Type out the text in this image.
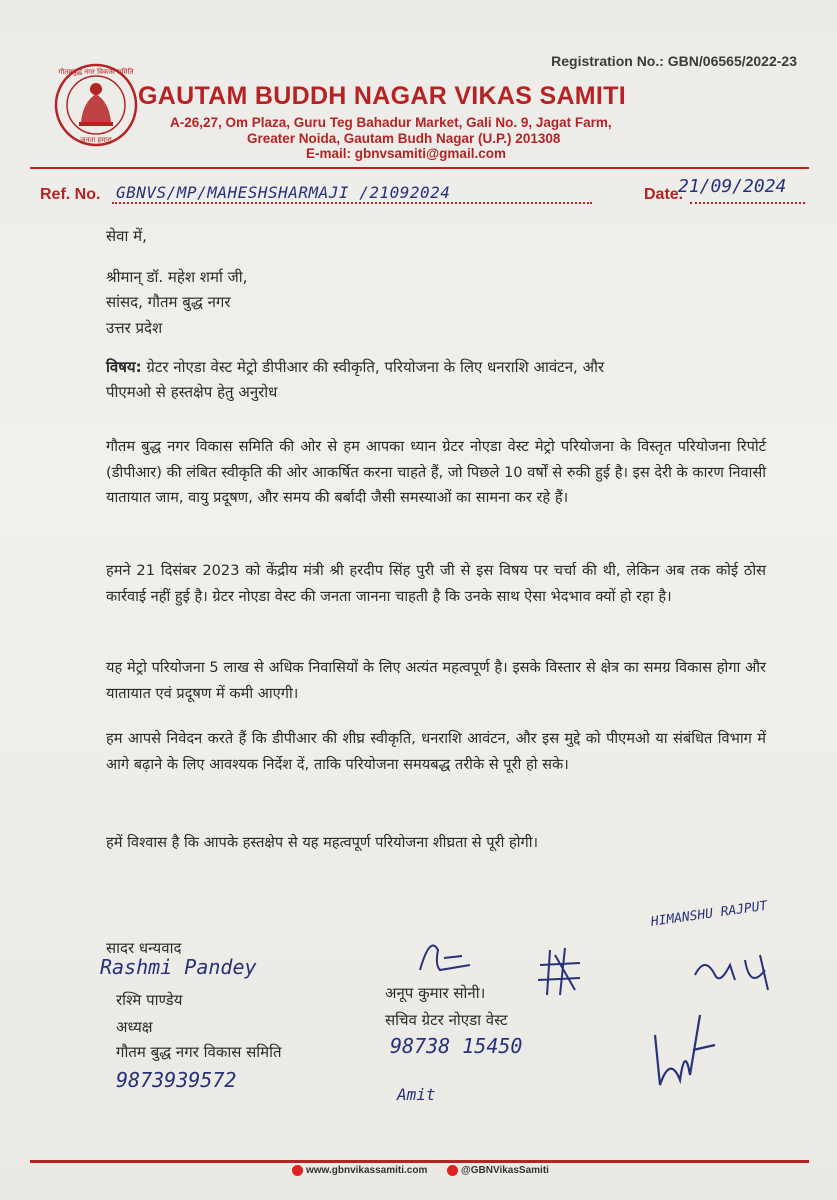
Registration No.: GBN/06565/2022-23
गौतमबुद्ध नगर विकास समिति
जनता हमारा
GAUTAM BUDDH NAGAR VIKAS SAMITI
A-26,27, Om Plaza, Guru Teg Bahadur Market, Gali No. 9, Jagat Farm,
Greater Noida, Gautam Budh Nagar (U.P.) 201308
E-mail: gbnvsamiti@gmail.com
Ref. No. GBNVS/MP/MAHESHSHARMAJI /21092024	Date.
21/09/2024
सेवा में,
श्रीमान् डॉ. महेश शर्मा जी,
सांसद, गौतम बुद्ध नगर
उत्तर प्रदेश
विषय: ग्रेटर नोएडा वेस्ट मेट्रो डीपीआर की स्वीकृति, परियोजना के लिए धनराशि आवंटन, और
पीएमओ से हस्तक्षेप हेतु अनुरोध
गौतम बुद्ध नगर विकास समिति की ओर से हम आपका ध्यान ग्रेटर नोएडा वेस्ट मेट्रो परियोजना के विस्तृत परियोजना रिपोर्ट (डीपीआर) की लंबित स्वीकृति की ओर आकर्षित करना चाहते हैं, जो पिछले 10 वर्षों से रुकी हुई है। इस देरी के कारण निवासी यातायात जाम, वायु प्रदूषण, और समय की बर्बादी जैसी समस्याओं का सामना कर रहे हैं।
हमने 21 दिसंबर 2023 को केंद्रीय मंत्री श्री हरदीप सिंह पुरी जी से इस विषय पर चर्चा की थी, लेकिन अब तक कोई ठोस कार्रवाई नहीं हुई है। ग्रेटर नोएडा वेस्ट की जनता जानना चाहती है कि उनके साथ ऐसा भेदभाव क्यों हो रहा है।
यह मेट्रो परियोजना 5 लाख से अधिक निवासियों के लिए अत्यंत महत्वपूर्ण है। इसके विस्तार से क्षेत्र का समग्र विकास होगा और यातायात एवं प्रदूषण में कमी आएगी।
हम आपसे निवेदन करते हैं कि डीपीआर की शीघ्र स्वीकृति, धनराशि आवंटन, और इस मुद्दे को पीएमओ या संबंधित विभाग में आगे बढ़ाने के लिए आवश्यक निर्देश दें, ताकि परियोजना समयबद्ध तरीके से पूरी हो सके।
हमें विश्वास है कि आपके हस्तक्षेप से यह महत्वपूर्ण परियोजना शीघ्रता से पूरी होगी।
सादर धन्यवाद
Rashmi Pandey
रश्मि पाण्डेय
अध्यक्ष
गौतम बुद्ध नगर विकास समिति
9873939572
अनूप कुमार सोनी।
सचिव ग्रेटर नोएडा वेस्ट
98738 15450
Amit
HIMANSHU RAJPUT
www.gbnvikassamiti.com	@GBNVikasSamiti
